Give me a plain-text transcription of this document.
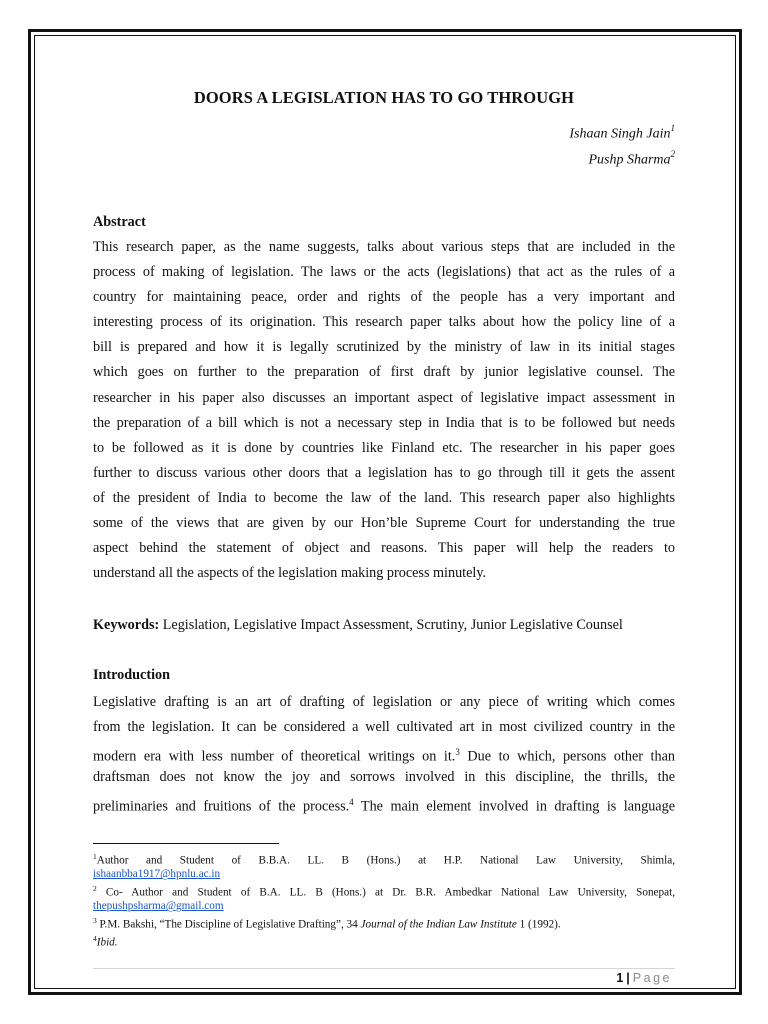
DOORS A LEGISLATION HAS TO GO THROUGH
Ishaan Singh Jain$^1$
Pushp Sharma$^2$
Abstract
This research paper, as the name suggests, talks about various steps that are included in the
process of making of legislation. The laws or the acts (legislations) that act as the rules of a
country for maintaining peace, order and rights of the people has a very important and
interesting process of its origination. This research paper talks about how the policy line of a
bill is prepared and how it is legally scrutinized by the ministry of law in its initial stages
which goes on further to the preparation of first draft by junior legislative counsel. The
researcher in his paper also discusses an important aspect of legislative impact assessment in
the preparation of a bill which is not a necessary step in India that is to be followed but needs
to be followed as it is done by countries like Finland etc. The researcher in his paper goes
further to discuss various other doors that a legislation has to go through till it gets the assent
of the president of India to become the law of the land. This research paper also highlights
some of the views that are given by our Hon’ble Supreme Court for understanding the true
aspect behind the statement of object and reasons. This paper will help the readers to
understand all the aspects of the legislation making process minutely.
Keywords: Legislation, Legislative Impact Assessment, Scrutiny, Junior Legislative Counsel
Introduction
Legislative drafting is an art of drafting of legislation or any piece of writing which comes
from the legislation. It can be considered a well cultivated art in most civilized country in the
modern era with less number of theoretical writings on it.$^3$ Due to which, persons other than
draftsman does not know the joy and sorrows involved in this discipline, the thrills, the
preliminaries and fruitions of the process.$^4$ The main element involved in drafting is language
$^1$Author and Student of B.B.A. LL. B (Hons.) at H.P. National Law University, Shimla,
ishaanbba1917@hpnlu.ac.in
$^2$ Co- Author and Student of B.A. LL. B (Hons.) at Dr. B.R. Ambedkar National Law University, Sonepat,
thepushpsharma@gmail.com
$^3$ P.M. Bakshi, “The Discipline of Legislative Drafting”, 34 Journal of the Indian Law Institute 1 (1992).
$^4$Ibid.
1 | Page
